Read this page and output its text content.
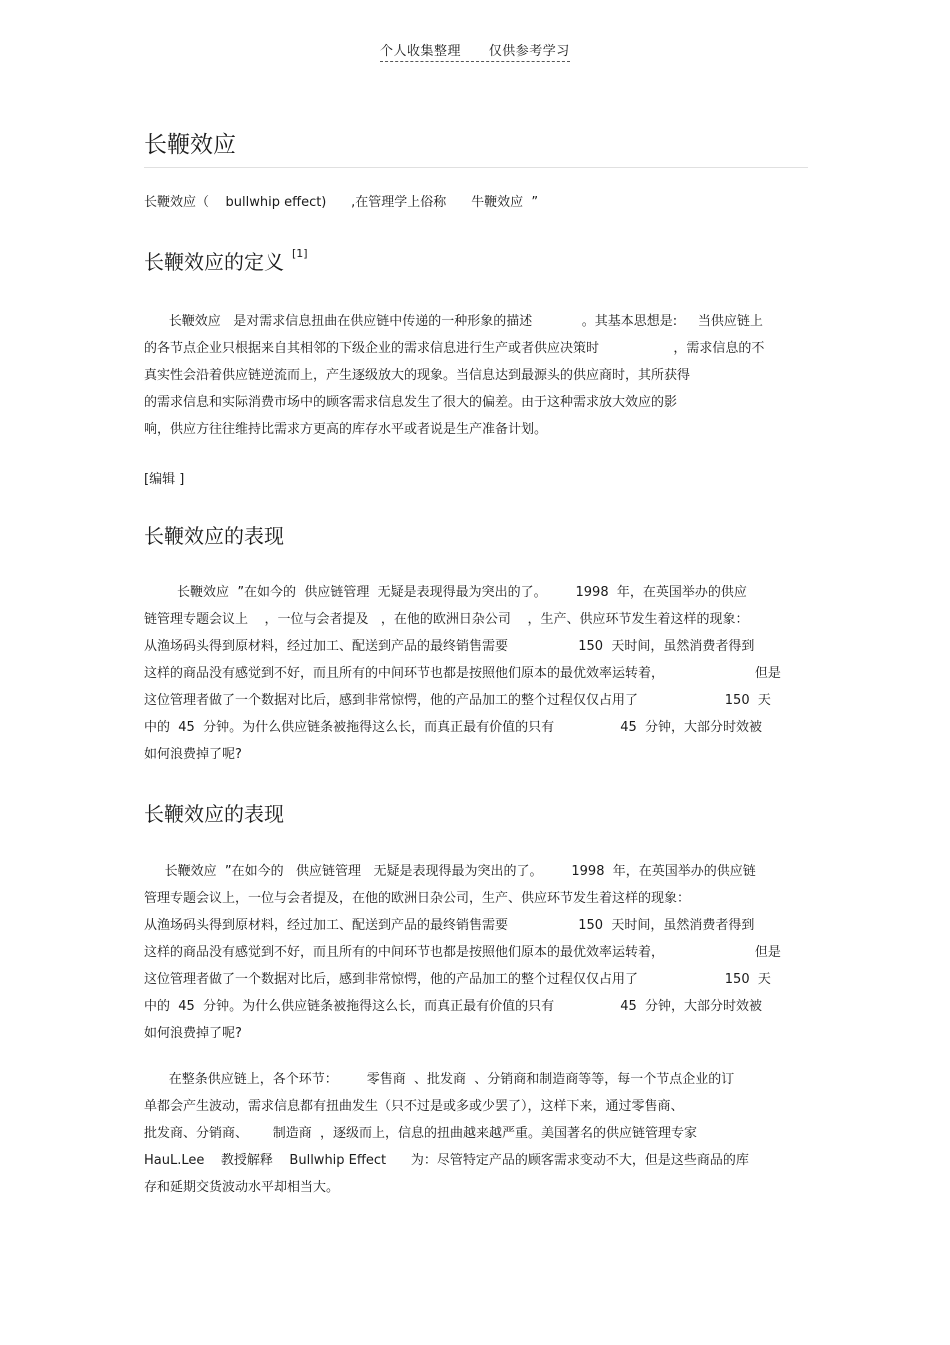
个人收集整理      仅供参考学习
长鞭效应
长鞭效应（    bullwhip effect)      ,在管理学上俗称      牛鞭效应  ”
长鞭效应的定义 [1]
长鞭效应   是对需求信息扭曲在供应链中传递的一种形象的描述            。其基本思想是:     当供应链上
的各节点企业只根据来自其相邻的下级企业的需求信息进行生产或者供应决策时                  ，需求信息的不
真实性会沿着供应链逆流而上，产生逐级放大的现象。当信息达到最源头的供应商时，其所获得
的需求信息和实际消费市场中的顾客需求信息发生了很大的偏差。由于这种需求放大效应的影
响，供应方往往维持比需求方更高的库存水平或者说是生产准备计划。
[编辑 ]
长鞭效应的表现
长鞭效应  ”在如今的  供应链管理  无疑是表现得最为突出的了。       1998  年，在英国举办的供应
链管理专题会议上    ，一位与会者提及   ，在他的欧洲日杂公司    ，生产、供应环节发生着这样的现象：
从渔场码头得到原材料，经过加工、配送到产品的最终销售需要                 150  天时间，虽然消费者得到
这样的商品没有感觉到不好，而且所有的中间环节也都是按照他们原本的最优效率运转着，                      但是
这位管理者做了一个数据对比后，感到非常惊愕，他的产品加工的整个过程仅仅占用了                     150  天
中的  45  分钟。为什么供应链条被拖得这么长，而真正最有价值的只有                45  分钟，大部分时效被
如何浪费掉了呢?
长鞭效应的表现
长鞭效应  ”在如今的   供应链管理   无疑是表现得最为突出的了。       1998  年，在英国举办的供应链
管理专题会议上，一位与会者提及，在他的欧洲日杂公司，生产、供应环节发生着这样的现象：
从渔场码头得到原材料，经过加工、配送到产品的最终销售需要                 150  天时间，虽然消费者得到
这样的商品没有感觉到不好，而且所有的中间环节也都是按照他们原本的最优效率运转着，                      但是
这位管理者做了一个数据对比后，感到非常惊愕，他的产品加工的整个过程仅仅占用了                     150  天
中的  45  分钟。为什么供应链条被拖得这么长，而真正最有价值的只有                45  分钟，大部分时效被
如何浪费掉了呢?
在整条供应链上，各个环节：       零售商  、批发商  、分销商和制造商等等，每一个节点企业的订
单都会产生波动，需求信息都有扭曲发生（只不过是或多或少罢了），这样下来，通过零售商、
批发商、分销商、      制造商  ，逐级而上，信息的扭曲越来越严重。美国著名的供应链管理专家
HauL.Lee    教授解释    Bullwhip Effect      为：尽管特定产品的顾客需求变动不大，但是这些商品的库
存和延期交货波动水平却相当大。
